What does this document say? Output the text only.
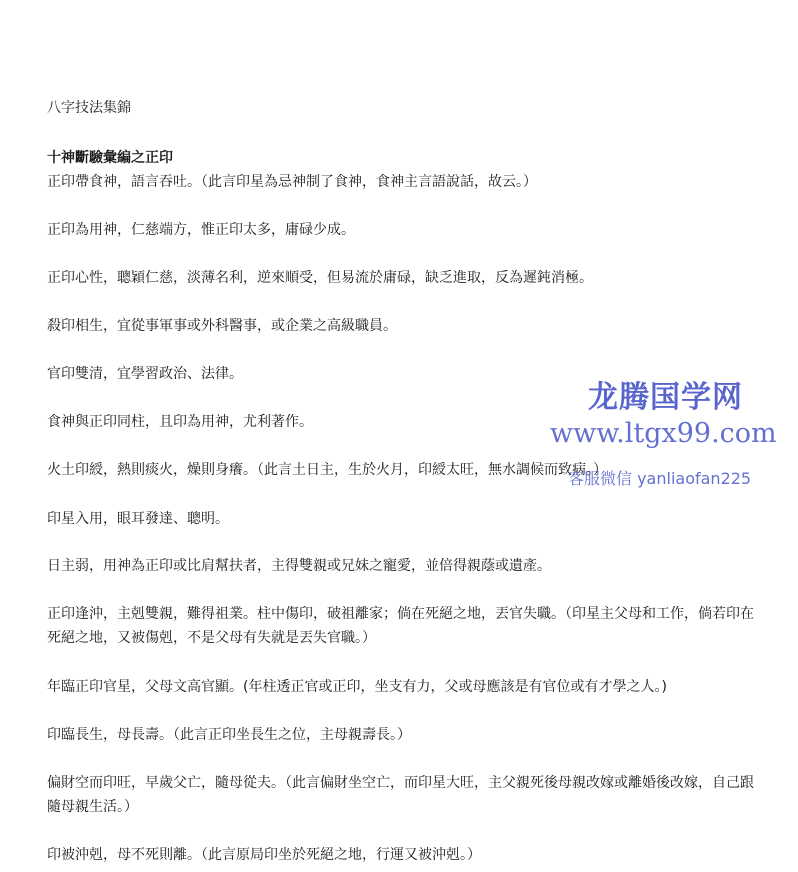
八字技法集錦
十神斷驗彙編之正印
正印帶食神，語言吞吐。（此言印星為忌神制了食神，食神主言語說話，故云。）
正印為用神，仁慈端方，惟正印太多，庸碌少成。
正印心性，聰穎仁慈，淡薄名利，逆來順受，但易流於庸碌，缺乏進取，反為遲鈍消極。
殺印相生，宜從事軍事或外科醫事，或企業之高級職員。
官印雙清，宜學習政治、法律。
食神與正印同柱，且印為用神，尤利著作。
火土印綬，熱則痰火，燥則身癢。（此言土日主，生於火月，印綬太旺，無水調候而致病。）
印星入用，眼耳發達、聰明。
日主弱，用神為正印或比肩幫扶者，主得雙親或兄妹之寵愛，並倍得親蔭或遺產。
正印逢沖，主剋雙親，難得祖業。柱中傷印，破祖離家；倘在死絕之地，丟官失職。（印星主父母和工作，倘若印在死絕之地，又被傷剋，不是父母有失就是丟失官職。）
年臨正印官星，父母文高官顯。(年柱透正官或正印，坐支有力，父或母應該是有官位或有才學之人。)
印臨長生，母長壽。（此言正印坐長生之位，主母親壽長。）
偏財空而印旺，早歲父亡，隨母從夫。（此言偏財坐空亡，而印星大旺，主父親死後母親改嫁或離婚後改嫁，自己跟隨母親生活。）
印被沖剋，母不死則離。（此言原局印坐於死絕之地，行運又被沖剋。）
龙腾国学网
www.ltgx99.com
客服微信 yanliaofan225
